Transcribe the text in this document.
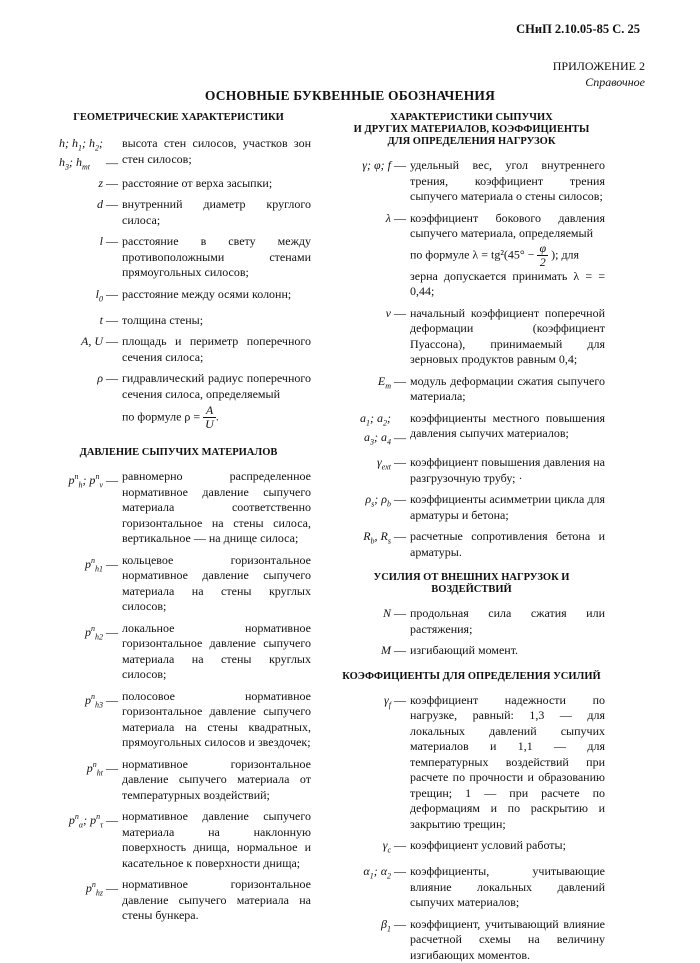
СНиП 2.10.05-85 С. 25
ПРИЛОЖЕНИЕ 2
Справочное
ОСНОВНЫЕ БУКВЕННЫЕ ОБОЗНАЧЕНИЯ
ГЕОМЕТРИЧЕСКИЕ ХАРАКТЕРИСТИКИ
h; $h_1$; $h_2$;
$h_3$; $h_{mt}$ —
высота стен силосов, участков зон стен силосов;
z — расстояние от верха засыпки;
d — внутренний диаметр круглого силоса;
l — расстояние в свету между противоположными стенами прямоугольных силосов;
$l_0$ — расстояние между осями колонн;
t — толщина стены;
A, U — площадь и периметр поперечного сечения силоса;
ρ — гидравлический радиус поперечного сечения силоса, определяемый
по формуле $\rho = \frac{A}{U}$ .
ДАВЛЕНИЕ СЫПУЧИХ МАТЕРИАЛОВ
$p^n_h$; $p^n_v$ — равномерно распределенное нормативное давление сыпучего материала соответственно горизонтальное на стены силоса, вертикальное — на днище силоса;
$p^n_{h1}$ — кольцевое горизонтальное нормативное давление сыпучего материала на стены круглых силосов;
$p^n_{h2}$ — локальное нормативное горизонтальное давление сыпучего материала на стены круглых силосов;
$p^n_{h3}$ — полосовое нормативное горизонтальное давление сыпучего материала на стены квадратных, прямоугольных силосов и звездочек;
$p^n_{ht}$ — нормативное горизонтальное давление сыпучего материала от температурных воздействий;
$p^n_\alpha$; $p^n_\tau$ — нормативное давление сыпучего материала на наклонную поверхность днища, нормальное и касательное к поверхности днища;
$p^n_{hz}$ — нормативное горизонтальное давление сыпучего материала на стены бункера.
ХАРАКТЕРИСТИКИ СЫПУЧИХ
И ДРУГИХ МАТЕРИАЛОВ, КОЭФФИЦИЕНТЫ
ДЛЯ ОПРЕДЕЛЕНИЯ НАГРУЗОК
γ; φ; f — удельный вес, угол внутреннего трения, коэффициент трения сыпучего материала о стены силосов;
λ — коэффициент бокового давления сыпучего материала, определяемый
по формуле $\lambda = tg^2(45^\circ - \frac{\varphi}{2}$ ); для
зерна допускается принимать λ = = 0,44;
ν — начальный коэффициент поперечной деформации (коэффициент Пуассона), принимаемый для зерновых продуктов равным 0,4;
$E_m$ — модуль деформации сжатия сыпучего материала;
$a_1$; $a_2$;
$a_3$; $a_4$ —
коэффициенты местного повышения давления сыпучих материалов;
$\gamma_{ext}$ — коэффициент повышения давления на разгрузочную трубу; ·
$\rho_s$; $\rho_b$ — коэффициенты асимметрии цикла для арматуры и бетона;
$R_b$, $R_s$ — расчетные сопротивления бетона и арматуры.
УСИЛИЯ ОТ ВНЕШНИХ НАГРУЗОК И ВОЗДЕЙСТВИЙ
N — продольная сила сжатия или растяжения;
M — изгибающий момент.
КОЭФФИЦИЕНТЫ ДЛЯ ОПРЕДЕЛЕНИЯ УСИЛИЙ
$\gamma_f$ — коэффициент надежности по нагрузке, равный: 1,3 — для локальных давлений сыпучих материалов и 1,1 — для температурных воздействий при расчете по прочности и образованию трещин; 1 — при расчете по деформациям и по раскрытию и закрытию трещин;
$\gamma_c$ — коэффициент условий работы;
$\alpha_1$; $\alpha_2$ — коэффициенты, учитывающие влияние локальных давлений сыпучих материалов;
$\beta_1$ — коэффициент, учитывающий влияние расчетной схемы на величину изгибающих моментов.
